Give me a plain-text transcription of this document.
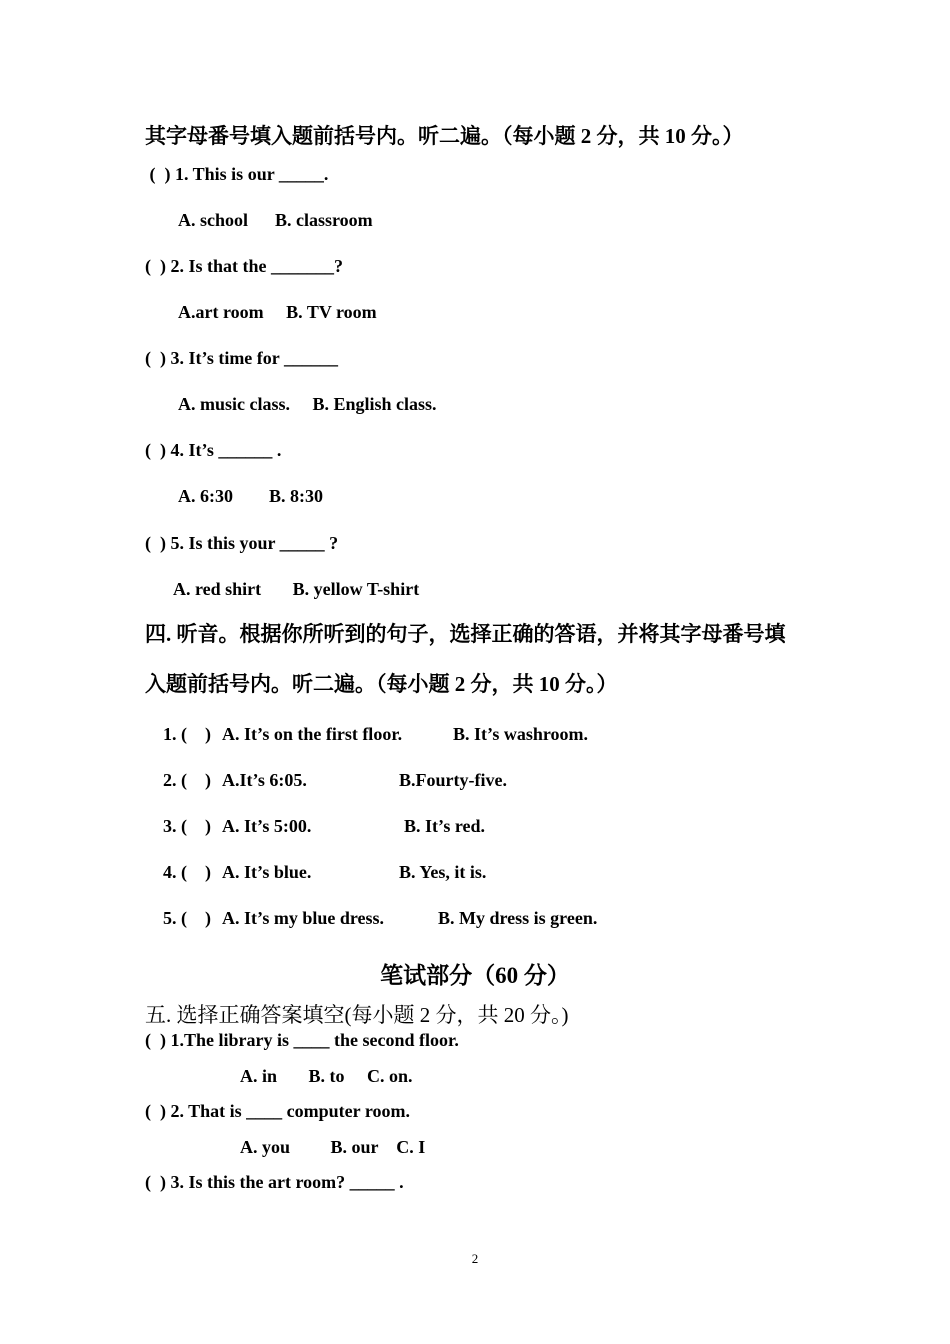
其字母番号填入题前括号内。听二遍。（每小题 2 分，共 10 分。）
(  ) 1. This is our _____.
A. school      B. classroom
(  ) 2. Is that the _______?
A.art room     B. TV room
(  ) 3. It’s time for ______
A. music class.     B. English class.
(  ) 4. It’s ______ .
A. 6:30        B. 8:30
(  ) 5. Is this your _____ ?
A. red shirt       B. yellow T-shirt
四. 听音。根据你所听到的句子，选择正确的答语，并将其字母番号填
入题前括号内。听二遍。（每小题 2 分，共 10 分。）
1. (    ) A. It’s on the first floor.	B. It’s washroom.
2. (    ) A.It’s 6:05.	B.Fourty-five.
3. (    ) A. It’s 5:00.	B. It’s red.
4. (    ) A. It’s blue.	B. Yes, it is.
5. (    ) A. It’s my blue dress.	B. My dress is green.
笔试部分（60 分）
五. 选择正确答案填空(每小题 2 分，共 20 分。)
(  ) 1.The library is ____ the second floor.
A. in       B. to     C. on.
(  ) 2. That is ____ computer room.
A. you         B. our    C. I
(  ) 3. Is this the art room? _____ .
2
